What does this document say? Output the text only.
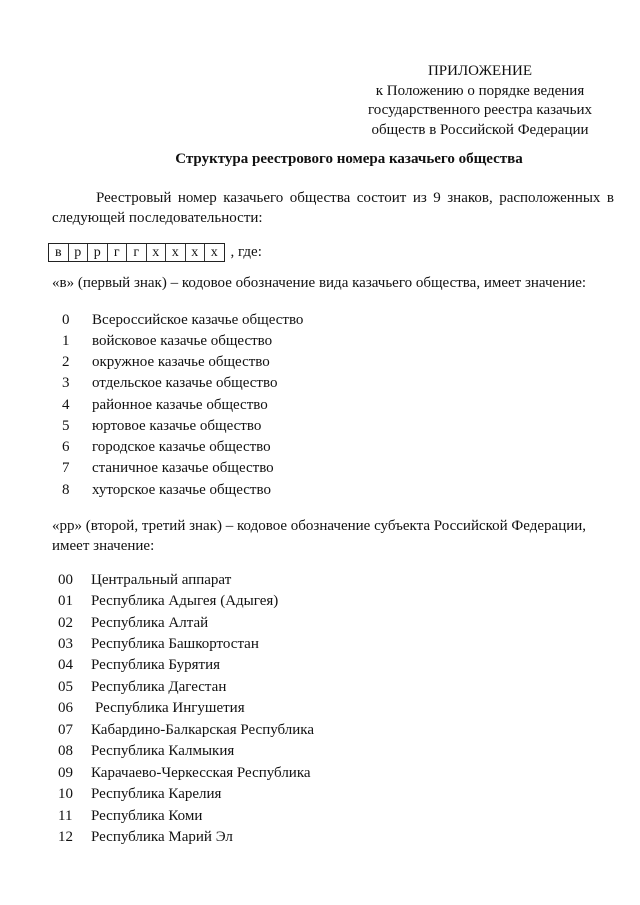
ПРИЛОЖЕНИЕ
к Положению о порядке ведения
государственного реестра казачьих
обществ в Российской Федерации
Структура реестрового номера казачьего общества
Реестровый номер казачьего общества состоит из 9 знаков, расположенных в следующей последовательности:
в р р г г х х х х , где:
«в» (первый знак) – кодовое обозначение вида казачьего общества, имеет значение:
0 Всероссийское казачье общество
1 войсковое казачье общество
2 окружное казачье общество
3 отдельское казачье общество
4 районное казачье общество
5 юртовое казачье общество
6 городское казачье общество
7 станичное казачье общество
8 хуторское казачье общество
«рр» (второй, третий знак) – кодовое обозначение субъекта Российской Федерации,
имеет значение:
00 Центральный аппарат
01 Республика Адыгея (Адыгея)
02 Республика Алтай
03 Республика Башкортостан
04 Республика Бурятия
05 Республика Дагестан
06 Республика Ингушетия
07 Кабардино-Балкарская Республика
08 Республика Калмыкия
09 Карачаево-Черкесская Республика
10 Республика Карелия
11 Республика Коми
12 Республика Марий Эл
